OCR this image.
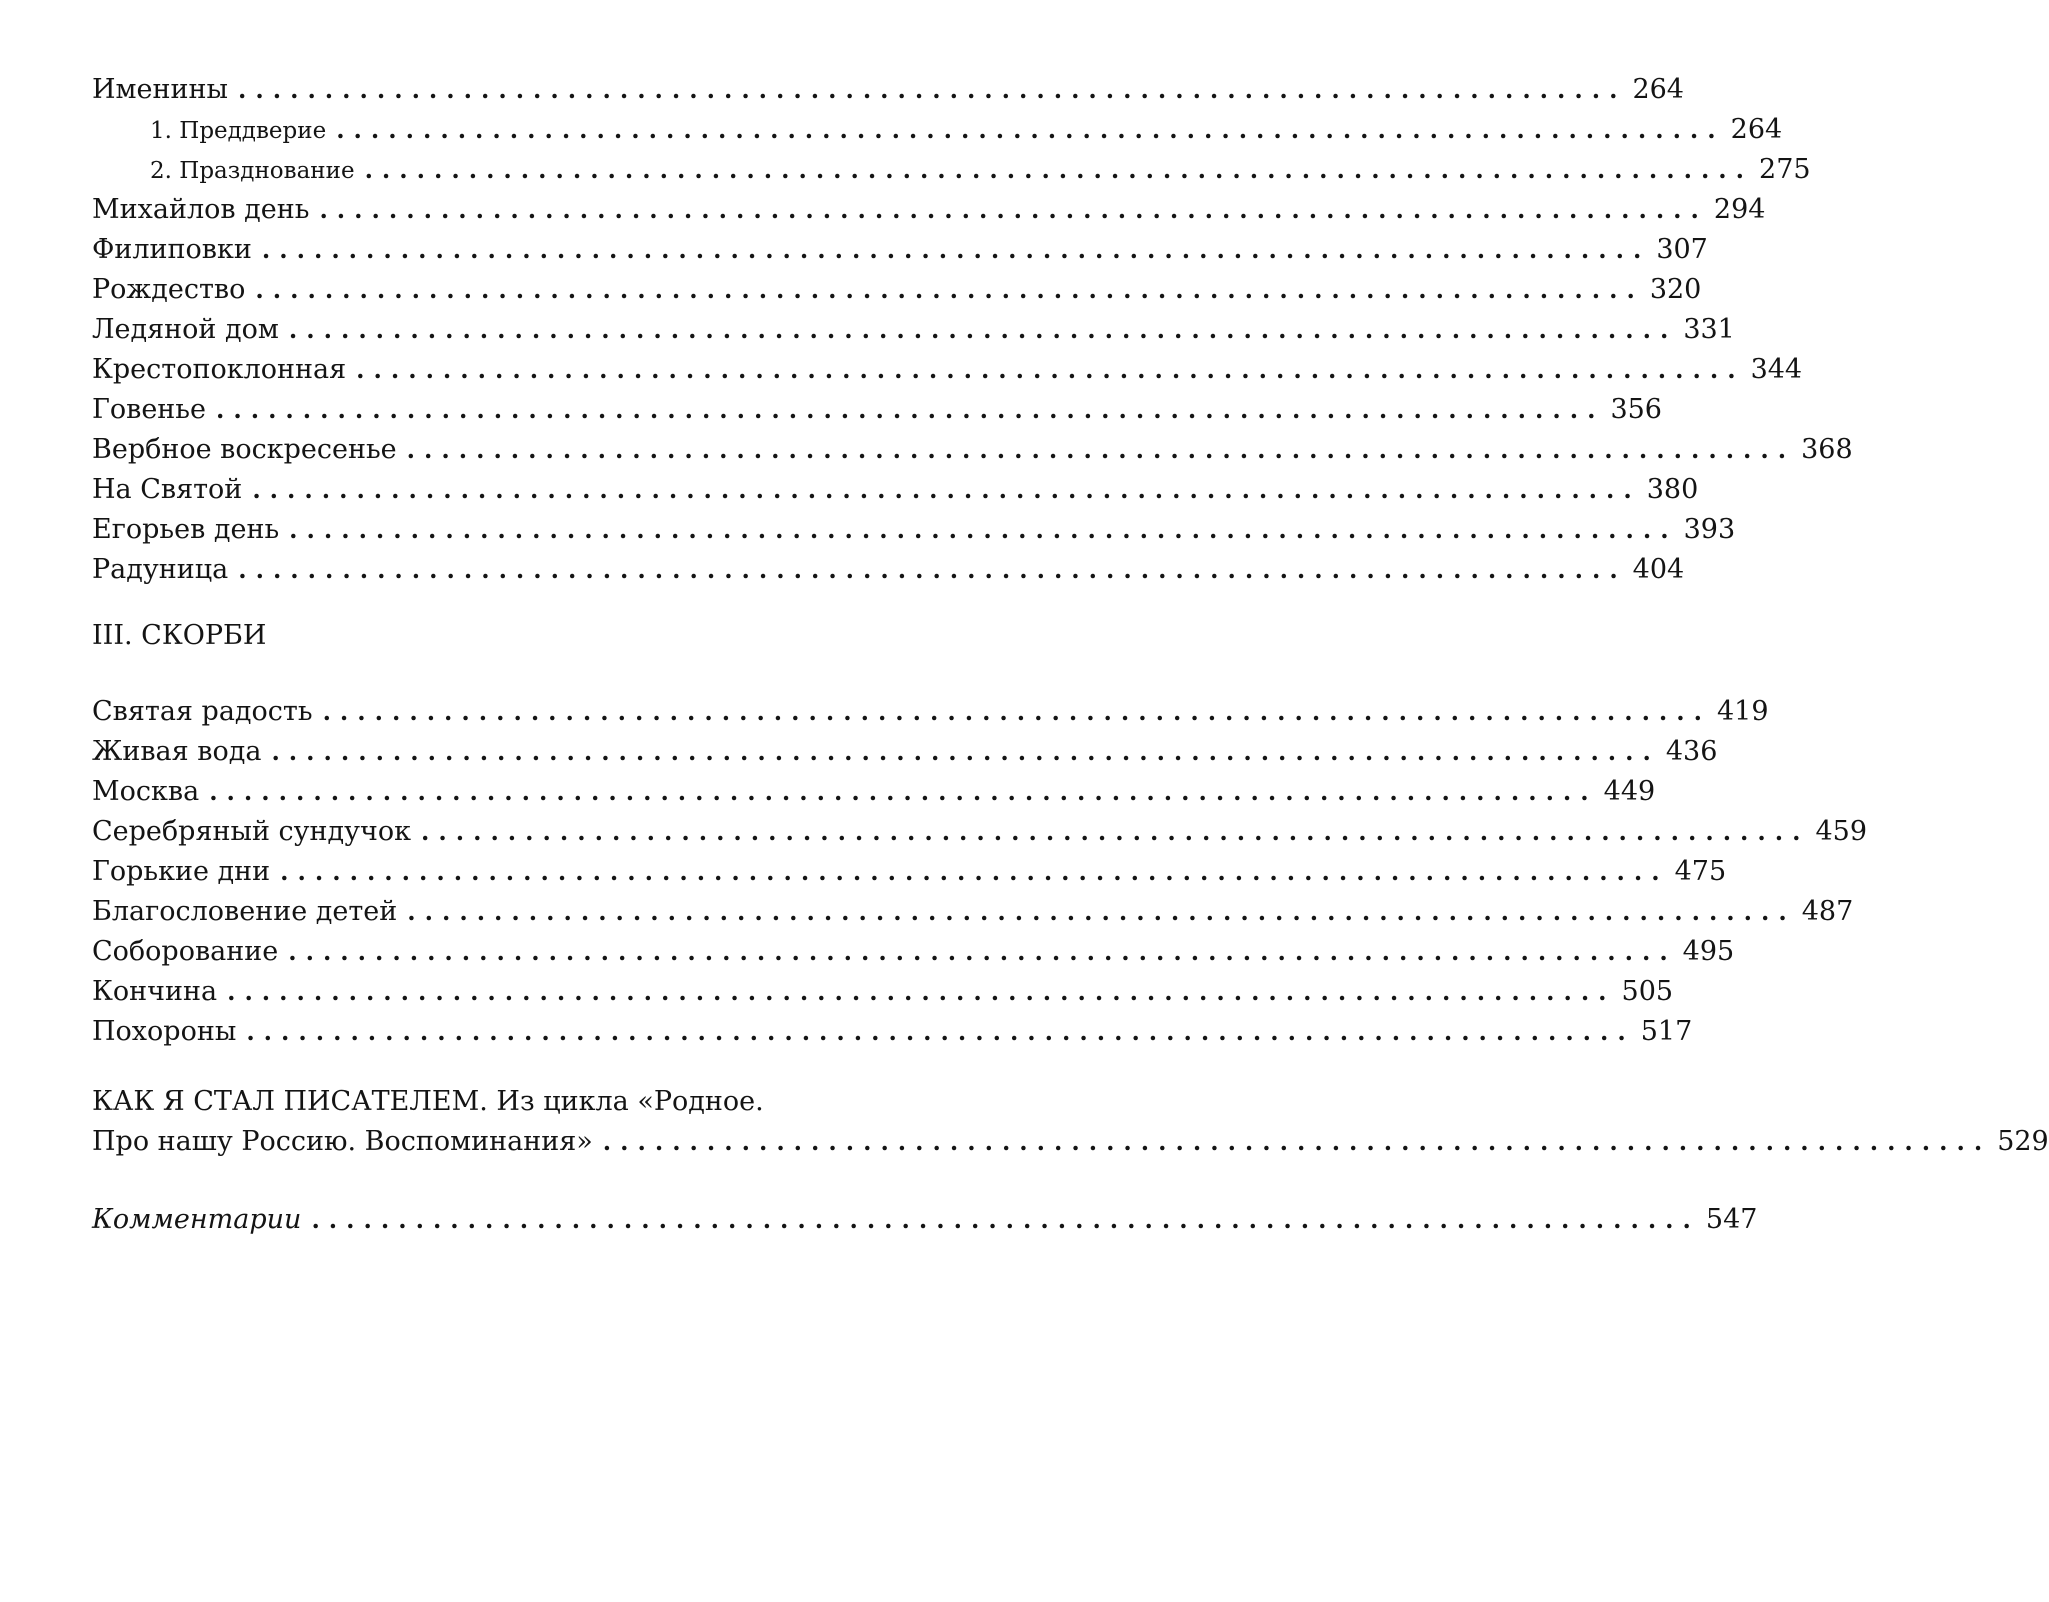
Именины ................................................................................ 264
1. Преддверие ................................................................................ 264
2. Празднование ................................................................................ 275
Михайлов день ................................................................................ 294
Филиповки ................................................................................ 307
Рождество ................................................................................ 320
Ледяной дом ................................................................................ 331
Крестопоклонная ................................................................................ 344
Говенье ................................................................................ 356
Вербное воскресенье ................................................................................ 368
На Святой ................................................................................ 380
Егорьев день ................................................................................ 393
Радуница ................................................................................ 404
III. СКОРБИ
Святая радость ................................................................................ 419
Живая вода ................................................................................ 436
Москва ................................................................................ 449
Серебряный сундучок ................................................................................ 459
Горькие дни ................................................................................ 475
Благословение детей ................................................................................ 487
Соборование ................................................................................ 495
Кончина ................................................................................ 505
Похороны ................................................................................ 517
КАК Я СТАЛ ПИСАТЕЛЕМ. Из цикла «Родное.
Про нашу Россию. Воспоминания» ................................................................................ 529
Комментарии ................................................................................ 547
